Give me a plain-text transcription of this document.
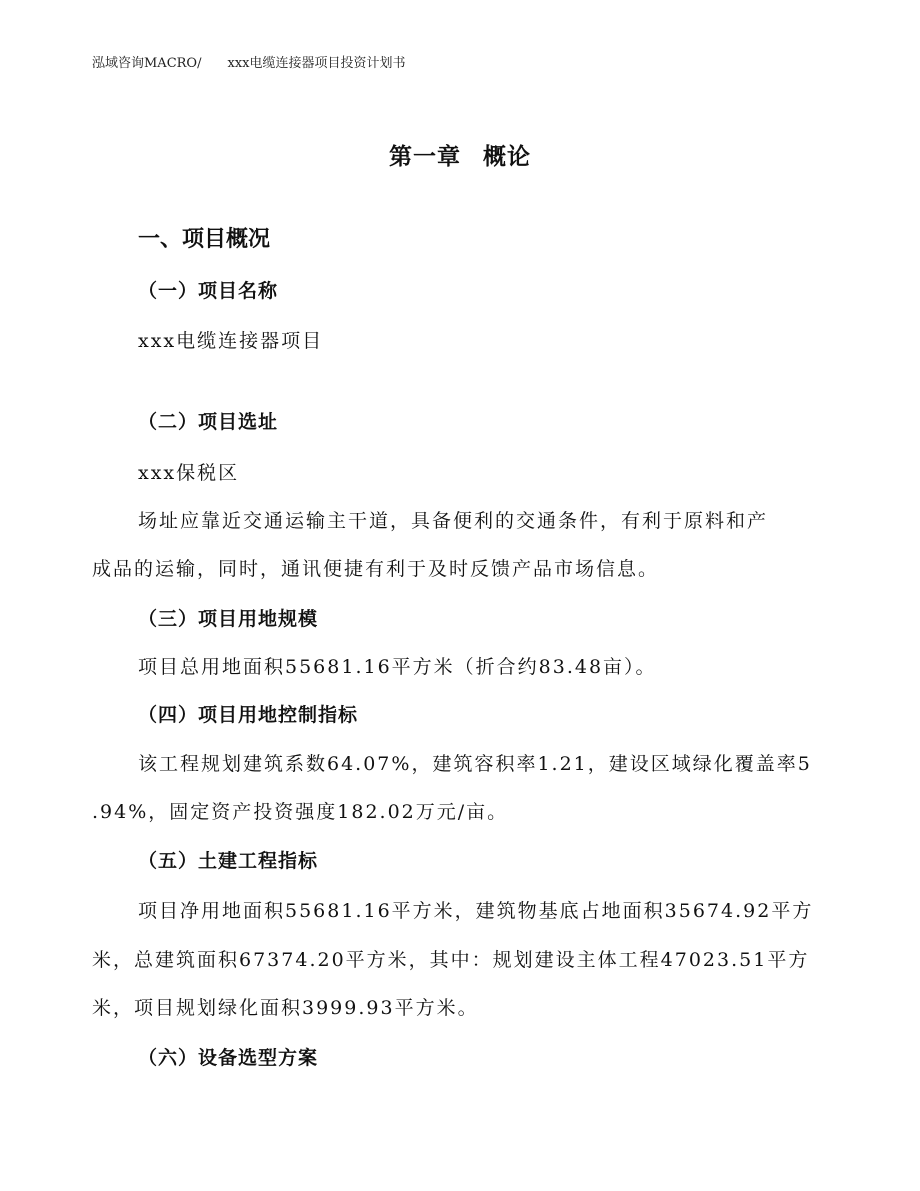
泓域咨询MACRO/ xxx电缆连接器项目投资计划书
第一章 概论
一、项目概况
（一）项目名称
xxx电缆连接器项目
（二）项目选址
xxx保税区
场址应靠近交通运输主干道，具备便利的交通条件，有利于原料和产
成品的运输，同时，通讯便捷有利于及时反馈产品市场信息。
（三）项目用地规模
项目总用地面积55681.16平方米（折合约83.48亩）。
（四）项目用地控制指标
该工程规划建筑系数64.07%，建筑容积率1.21，建设区域绿化覆盖率5
.94%，固定资产投资强度182.02万元/亩。
（五）土建工程指标
项目净用地面积55681.16平方米，建筑物基底占地面积35674.92平方
米，总建筑面积67374.20平方米，其中：规划建设主体工程47023.51平方
米，项目规划绿化面积3999.93平方米。
（六）设备选型方案
